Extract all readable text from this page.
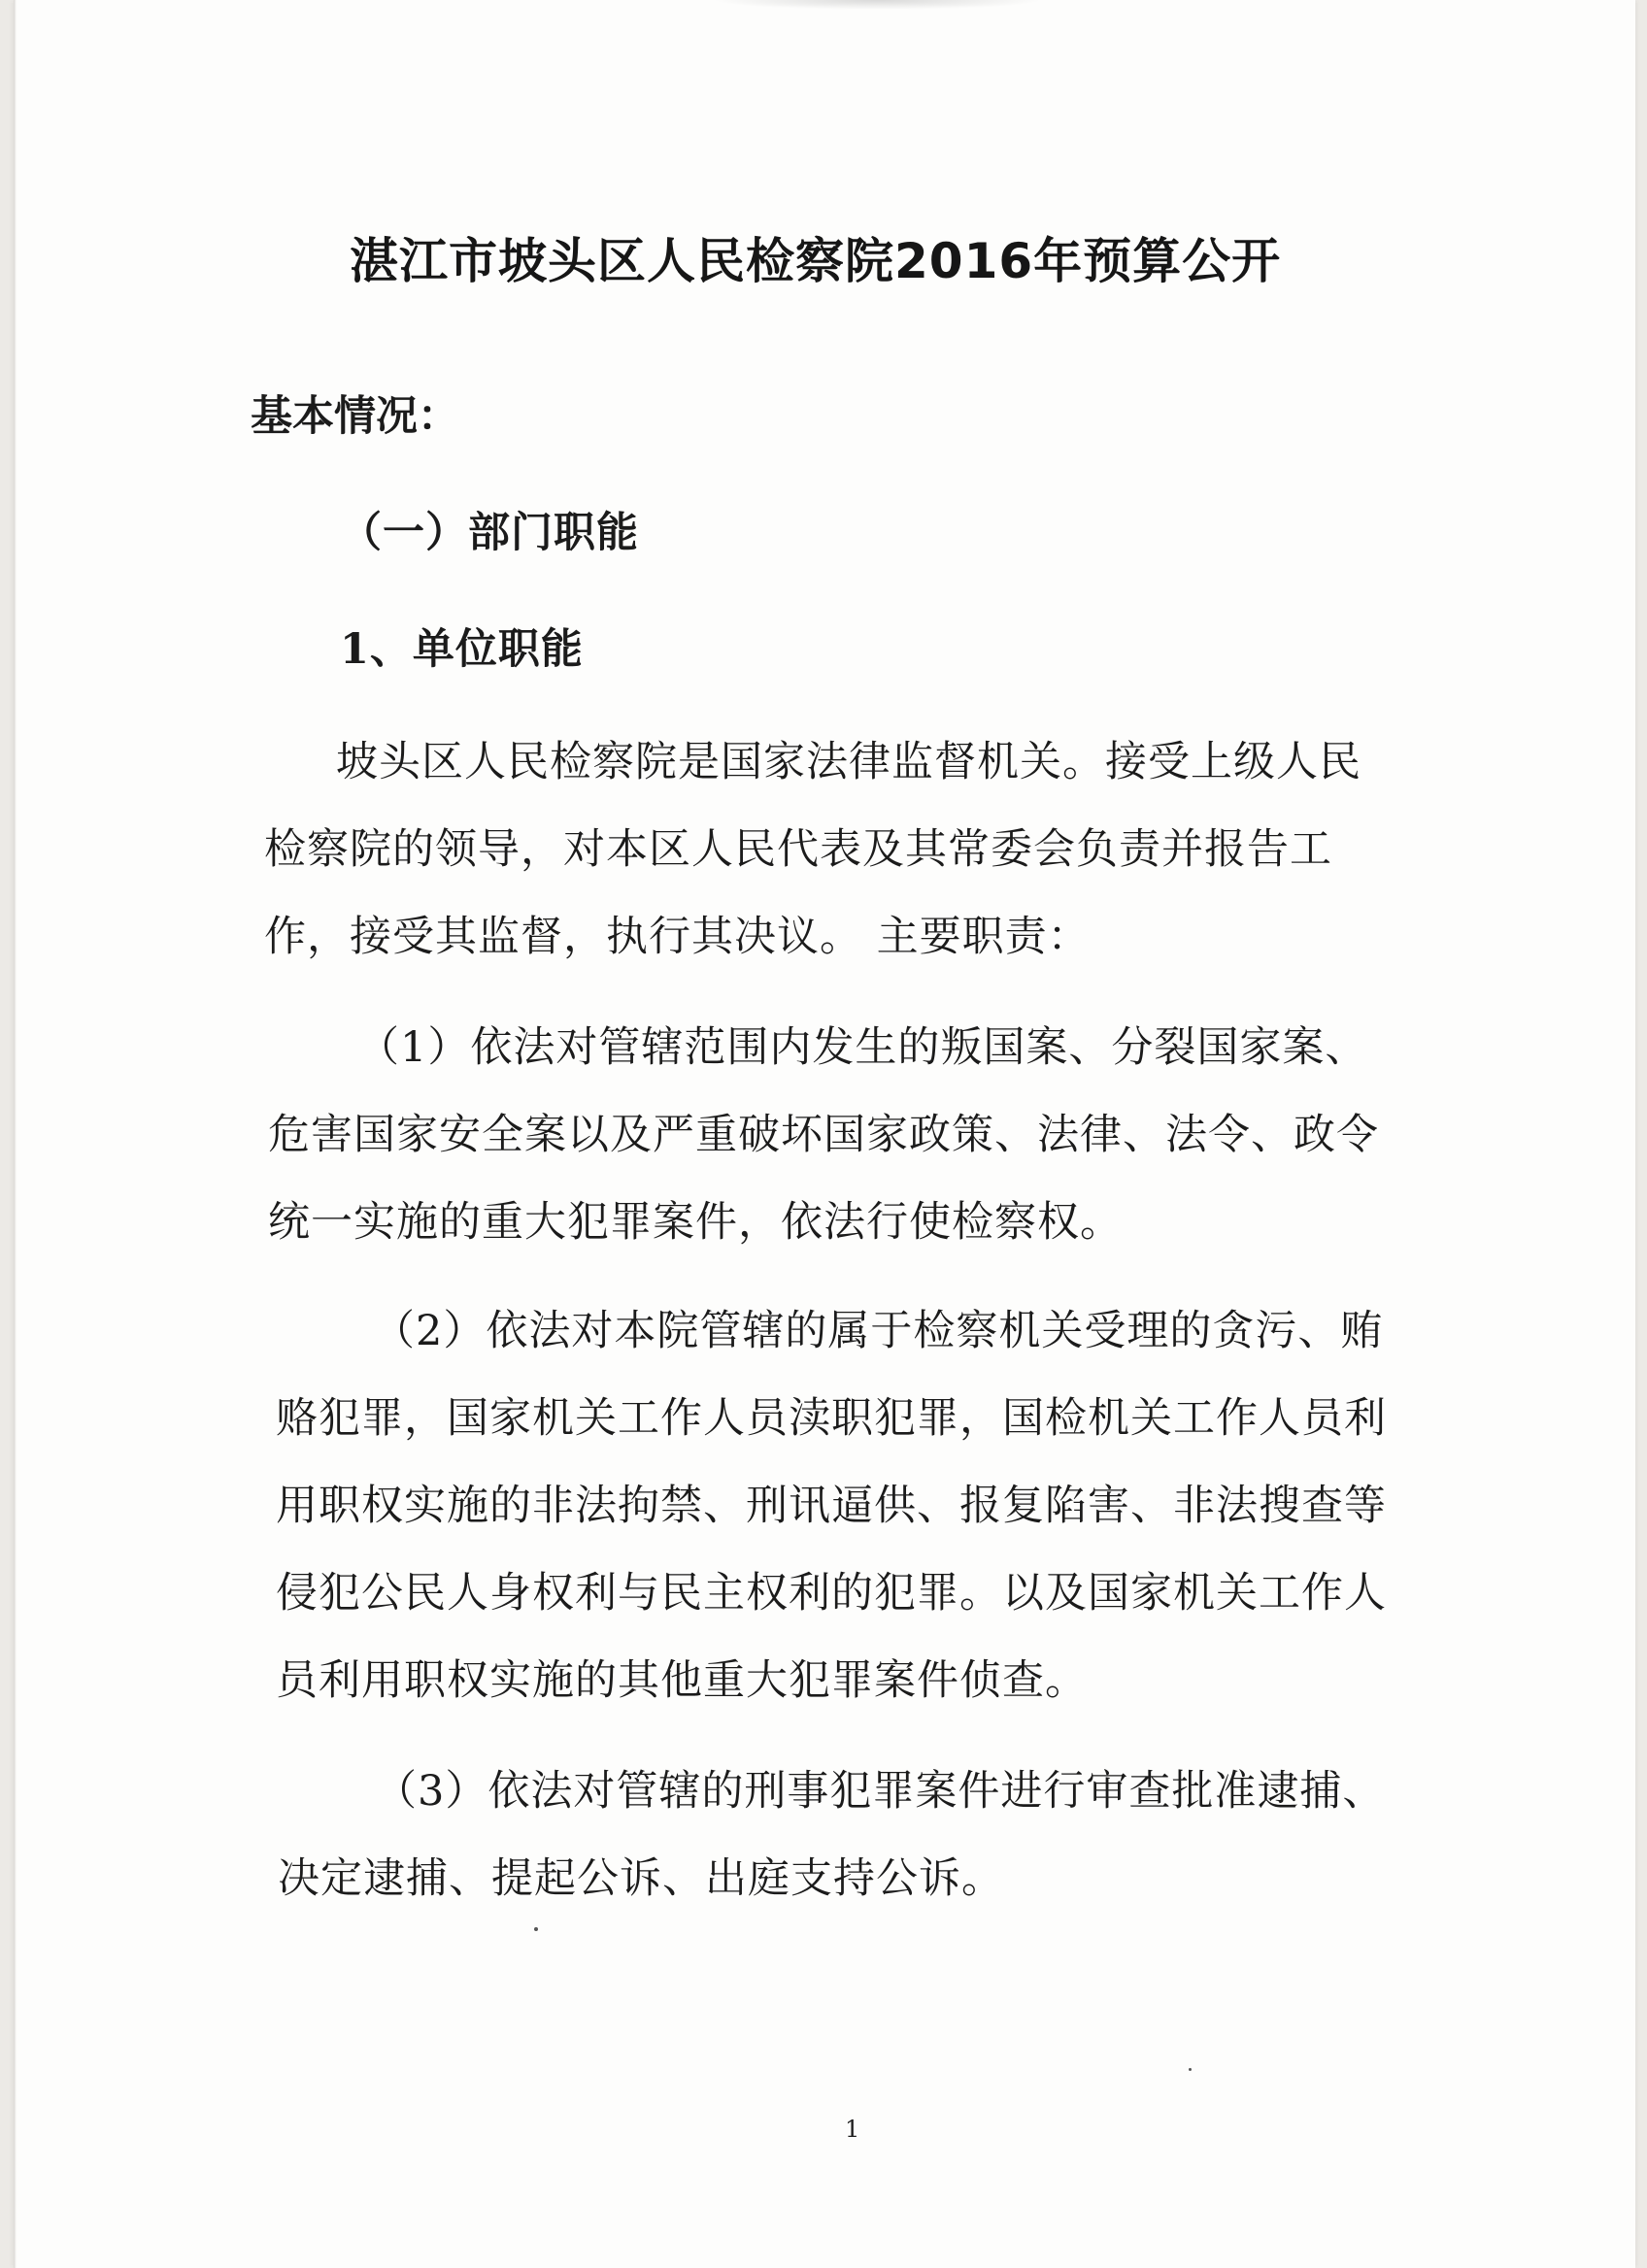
湛江市坡头区人民检察院2016年预算公开
基本情况：
（一）部门职能
1、单位职能
坡头区人民检察院是国家法律监督机关。接受上级人民
检察院的领导，对本区人民代表及其常委会负责并报告工
作，接受其监督，执行其决议。 主要职责：
（1）依法对管辖范围内发生的叛国案、分裂国家案、
危害国家安全案以及严重破坏国家政策、法律、法令、政令
统一实施的重大犯罪案件，依法行使检察权。
（2）依法对本院管辖的属于检察机关受理的贪污、贿
赂犯罪，国家机关工作人员渎职犯罪，国检机关工作人员利
用职权实施的非法拘禁、刑讯逼供、报复陷害、非法搜查等
侵犯公民人身权利与民主权利的犯罪。以及国家机关工作人
员利用职权实施的其他重大犯罪案件侦查。
（3）依法对管辖的刑事犯罪案件进行审查批准逮捕、
决定逮捕、提起公诉、出庭支持公诉。

1
